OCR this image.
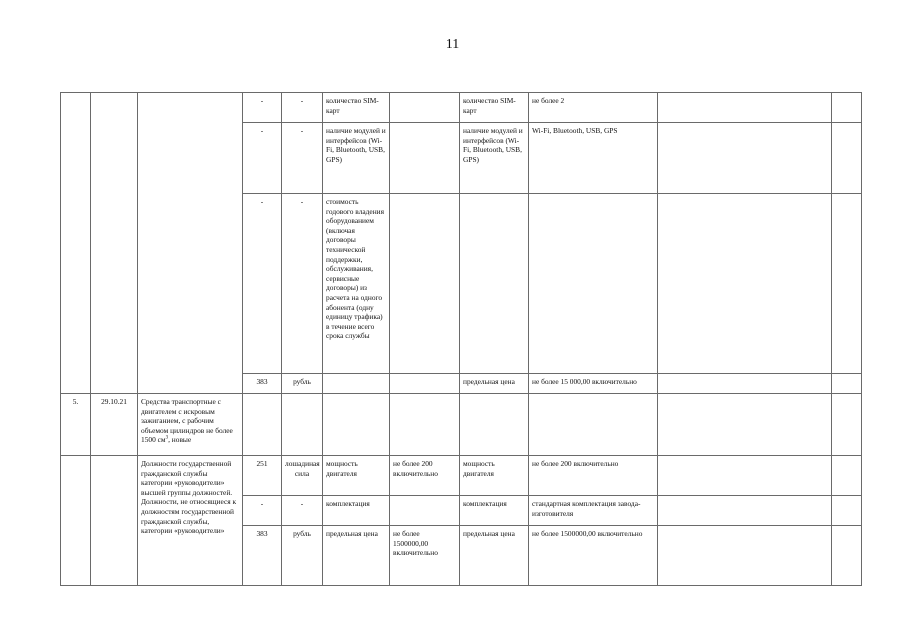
11
			-	-	количество SIM-карт		количество SIM-карт	не более 2		
			-	-	наличие модулей и интерфейсов (Wi-Fi, Bluetooth, USB, GPS)		наличие модулей и интерфейсов (Wi-Fi, Bluetooth, USB, GPS)	Wi-Fi, Bluetooth, USB, GPS		
			-	-	стоимость годового владения оборудованием (включая договоры технической поддержки, обслуживания, сервисные договоры) из расчета на одного абонента (одну единицу трафика) в течение всего срока службы					
			383	рубль			предельная цена	не более 15 000,00 включительно		
5.	29.10.21	Средства транспортные с двигателем с искровым зажиганием, с рабочим объемом цилиндров не более 1500 $см^3$, новые								
		Должности государственной гражданской службы категории «руководители» высшей группы должностей. Должности, не относящиеся к должностям государственной гражданской службы, категории «руководители»	251	лошадиная сила	мощность двигателя	не более 200 включительно	мощность двигателя	не более 200 включительно		
			-	-	комплектация		комплектация	стандартная комплектация завода-изготовителя		
			383	рубль	предельная цена	не более 1500000,00 включительно	предельная цена	не более 1500000,00 включительно		
